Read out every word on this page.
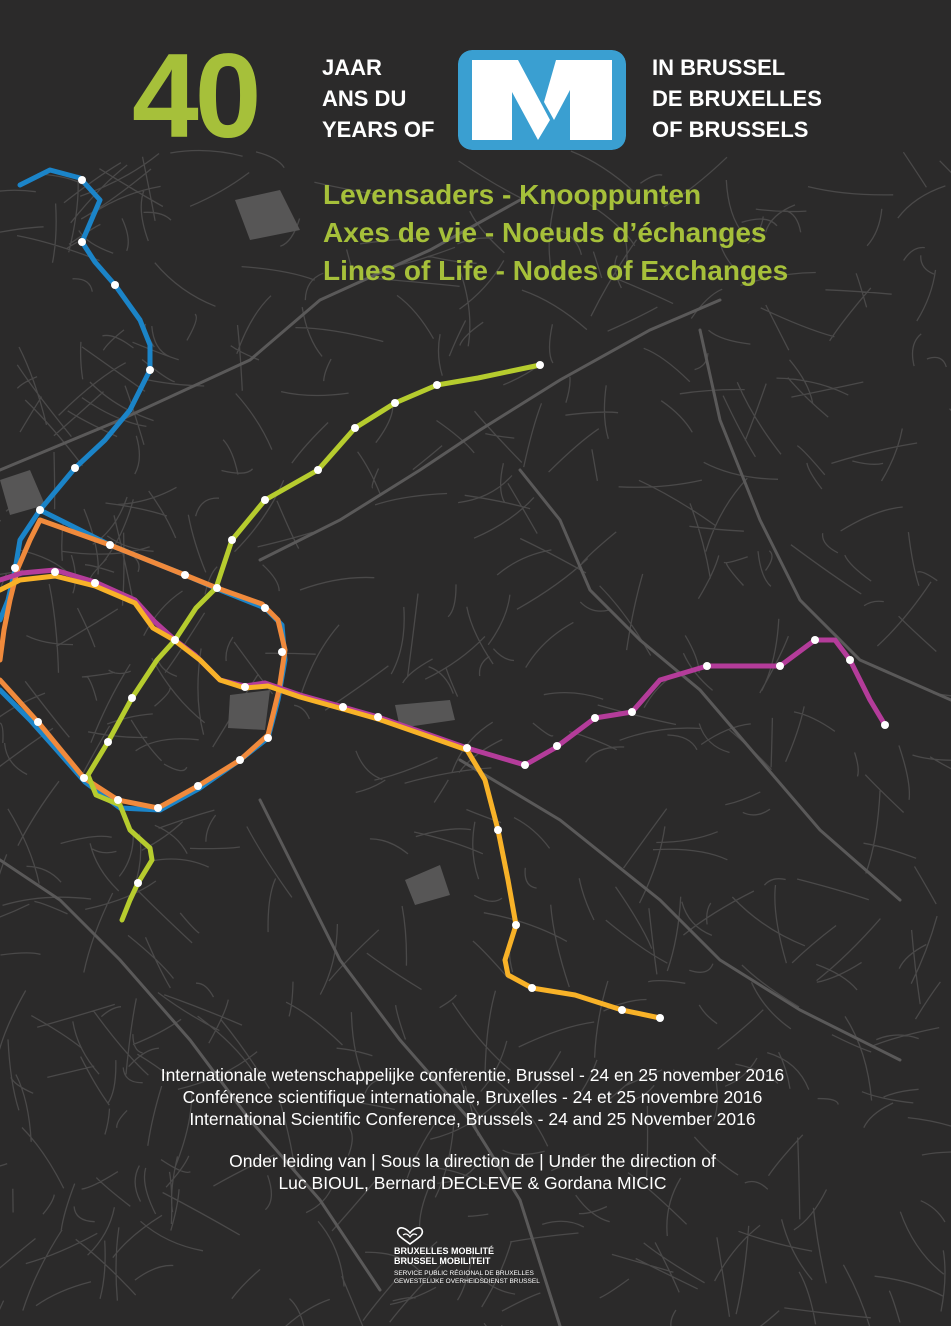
40	JAAR
ANS DU
YEARS OF
IN BRUSSEL
DE BRUXELLES
OF BRUSSELS
Levensaders - Knooppunten
Axes de vie - Noeuds d’échanges
Lines of Life - Nodes of Exchanges
Internationale wetenschappelijke conferentie, Brussel - 24 en 25 november 2016
Conférence scientifique internationale, Bruxelles - 24 et 25 novembre 2016
International Scientific Conference, Brussels - 24 and 25 November 2016
Onder leiding van | Sous la direction de | Under the direction of
Luc BIOUL, Bernard DECLEVE & Gordana MICIC
BRUXELLES MOBILITÉ
BRUSSEL MOBILITEIT
SERVICE PUBLIC RÉGIONAL DE BRUXELLES
GEWESTELIJKE OVERHEIDSDIENST BRUSSEL
